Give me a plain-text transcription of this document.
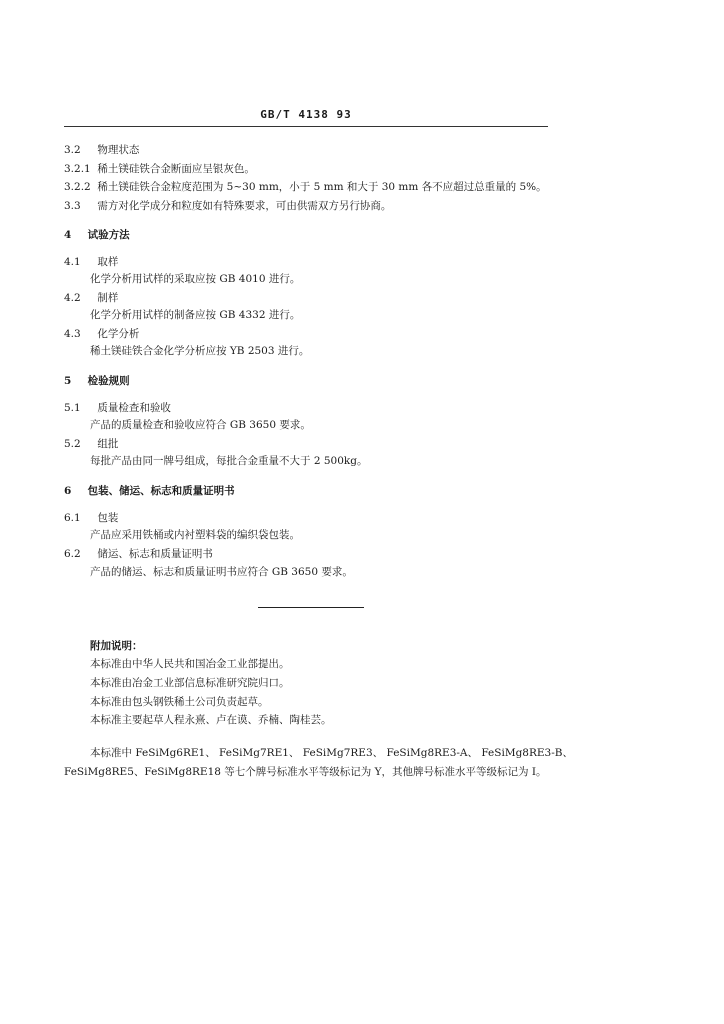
GB/T 4138 93
3.2 物理状态
3.2.1 稀土镁硅铁合金断面应呈银灰色。
3.2.2 稀土镁硅铁合金粒度范围为 5~30 mm，小于 5 mm 和大于 30 mm 各不应超过总重量的 5%。
3.3 需方对化学成分和粒度如有特殊要求，可由供需双方另行协商。
4 试验方法
4.1 取样
化学分析用试样的采取应按 GB 4010 进行。
4.2 制样
化学分析用试样的制备应按 GB 4332 进行。
4.3 化学分析
稀土镁硅铁合金化学分析应按 YB 2503 进行。
5 检验规则
5.1 质量检查和验收
产品的质量检查和验收应符合 GB 3650 要求。
5.2 组批
每批产品由同一牌号组成，每批合金重量不大于 2 500kg。
6 包装、储运、标志和质量证明书
6.1 包装
产品应采用铁桶或内衬塑料袋的编织袋包装。
6.2 储运、标志和质量证明书
产品的储运、标志和质量证明书应符合 GB 3650 要求。
附加说明：
本标准由中华人民共和国冶金工业部提出。
本标准由冶金工业部信息标准研究院归口。
本标准由包头钢铁稀土公司负责起草。
本标准主要起草人程永熹、卢在谟、乔楠、陶桂芸。
本标准中 FeSiMg6RE1、 FeSiMg7RE1、 FeSiMg7RE3、 FeSiMg8RE3-A、 FeSiMg8RE3-B、
FeSiMg8RE5、FeSiMg8RE18 等七个牌号标准水平等级标记为 Y，其他牌号标准水平等级标记为 I。
